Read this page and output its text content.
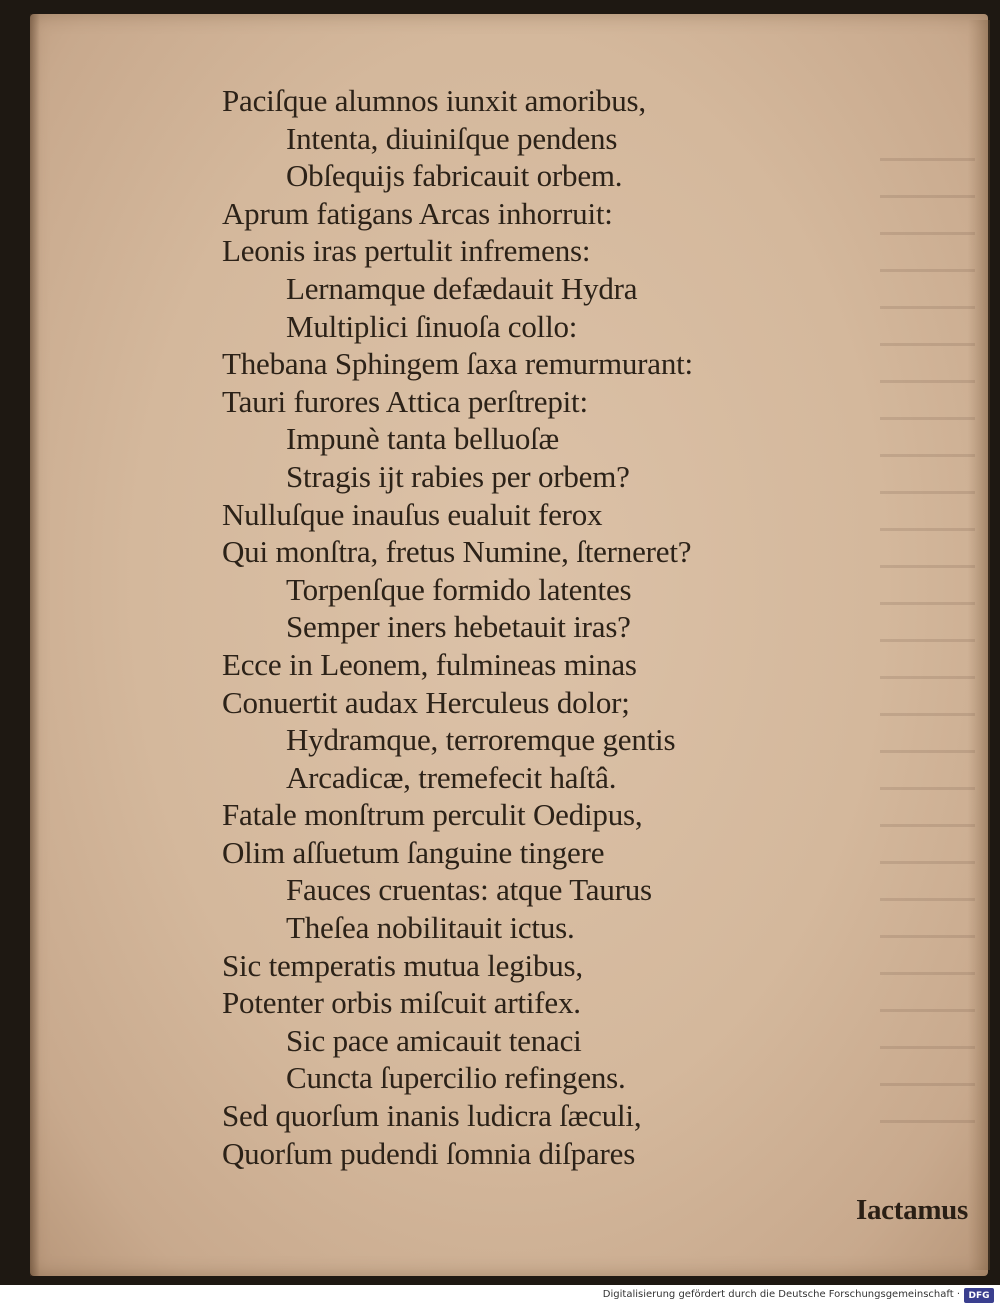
Paciſque alumnos iunxit amoribus,
Intenta, diuiniſque pendens
Obſequijs fabricauit orbem.
Aprum fatigans Arcas inhorruit:
Leonis iras pertulit infremens:
Lernamque defædauit Hydra
Multiplici ſinuoſa collo:
Thebana Sphingem ſaxa remurmurant:
Tauri furores Attica perſtrepit:
Impunè tanta belluoſæ
Stragis ijt rabies per orbem?
Nulluſque inauſus eualuit ferox
Qui monſtra, fretus Numine, ſterneret?
Torpenſque formido latentes
Semper iners hebetauit iras?
Ecce in Leonem, fulmineas minas
Conuertit audax Herculeus dolor;
Hydramque, terroremque gentis
Arcadicæ, tremefecit haſtâ.
Fatale monſtrum perculit Oedipus,
Olim aſſuetum ſanguine tingere
Fauces cruentas: atque Taurus
Theſea nobilitauit ictus.
Sic temperatis mutua legibus,
Potenter orbis miſcuit artifex.
Sic pace amicauit tenaci
Cuncta ſupercilio refingens.
Sed quorſum inanis ludicra ſæculi,
Quorſum pudendi ſomnia diſpares
Iactamus
Digitalisierung gefördert durch die Deutsche Forschungsgemeinschaft · DFG
